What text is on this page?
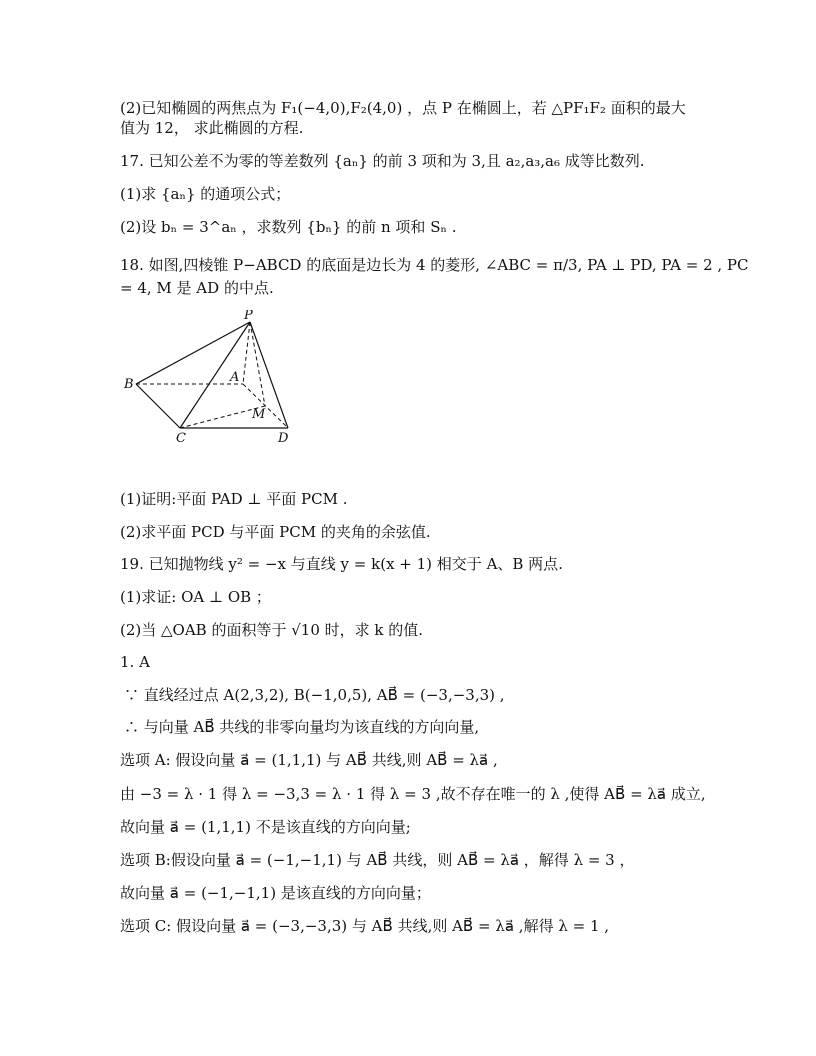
(2)已知椭圆的两焦点为 F₁(−4,0),F₂(4,0) ，点 P 在椭圆上，若 △PF₁F₂ 面积的最大
值为 12， 求此椭圆的方程.
17. 已知公差不为零的等差数列 {aₙ} 的前 3 项和为 3,且 a₂,a₃,a₆ 成等比数列.
(1)求 {aₙ} 的通项公式；
(2)设 bₙ = 3^aₙ ，求数列 {bₙ} 的前 n 项和 Sₙ .
18. 如图,四棱锥 P−ABCD 的底面是边长为 4 的菱形, ∠ABC = π/3, PA ⊥ PD, PA = 2 , PC
= 4, M 是 AD 的中点.
P
A
B
C	D
M
(1)证明:平面 PAD ⊥ 平面 PCM .
(2)求平面 PCD 与平面 PCM 的夹角的余弦值.
19. 已知抛物线 y² = −x 与直线 y = k(x + 1) 相交于 A、B 两点.
(1)求证: OA ⊥ OB ；
(2)当 △OAB 的面积等于 √10 时，求 k 的值.
1. A
∵ 直线经过点 A(2,3,2), B(−1,0,5), AB⃗ = (−3,−3,3) ,
∴ 与向量 AB⃗ 共线的非零向量均为该直线的方向向量,
选项 A: 假设向量 a⃗ = (1,1,1) 与 AB⃗ 共线,则 AB⃗ = λa⃗ ,
由 −3 = λ · 1 得 λ = −3,3 = λ · 1 得 λ = 3 ,故不存在唯一的 λ ,使得 AB⃗ = λa⃗ 成立,
故向量 a⃗ = (1,1,1) 不是该直线的方向向量;
选项 B:假设向量 a⃗ = (−1,−1,1) 与 AB⃗ 共线，则 AB⃗ = λa⃗ ，解得 λ = 3 ，
故向量 a⃗ = (−1,−1,1) 是该直线的方向向量；
选项 C: 假设向量 a⃗ = (−3,−3,3) 与 AB⃗ 共线,则 AB⃗ = λa⃗ ,解得 λ = 1 ,
